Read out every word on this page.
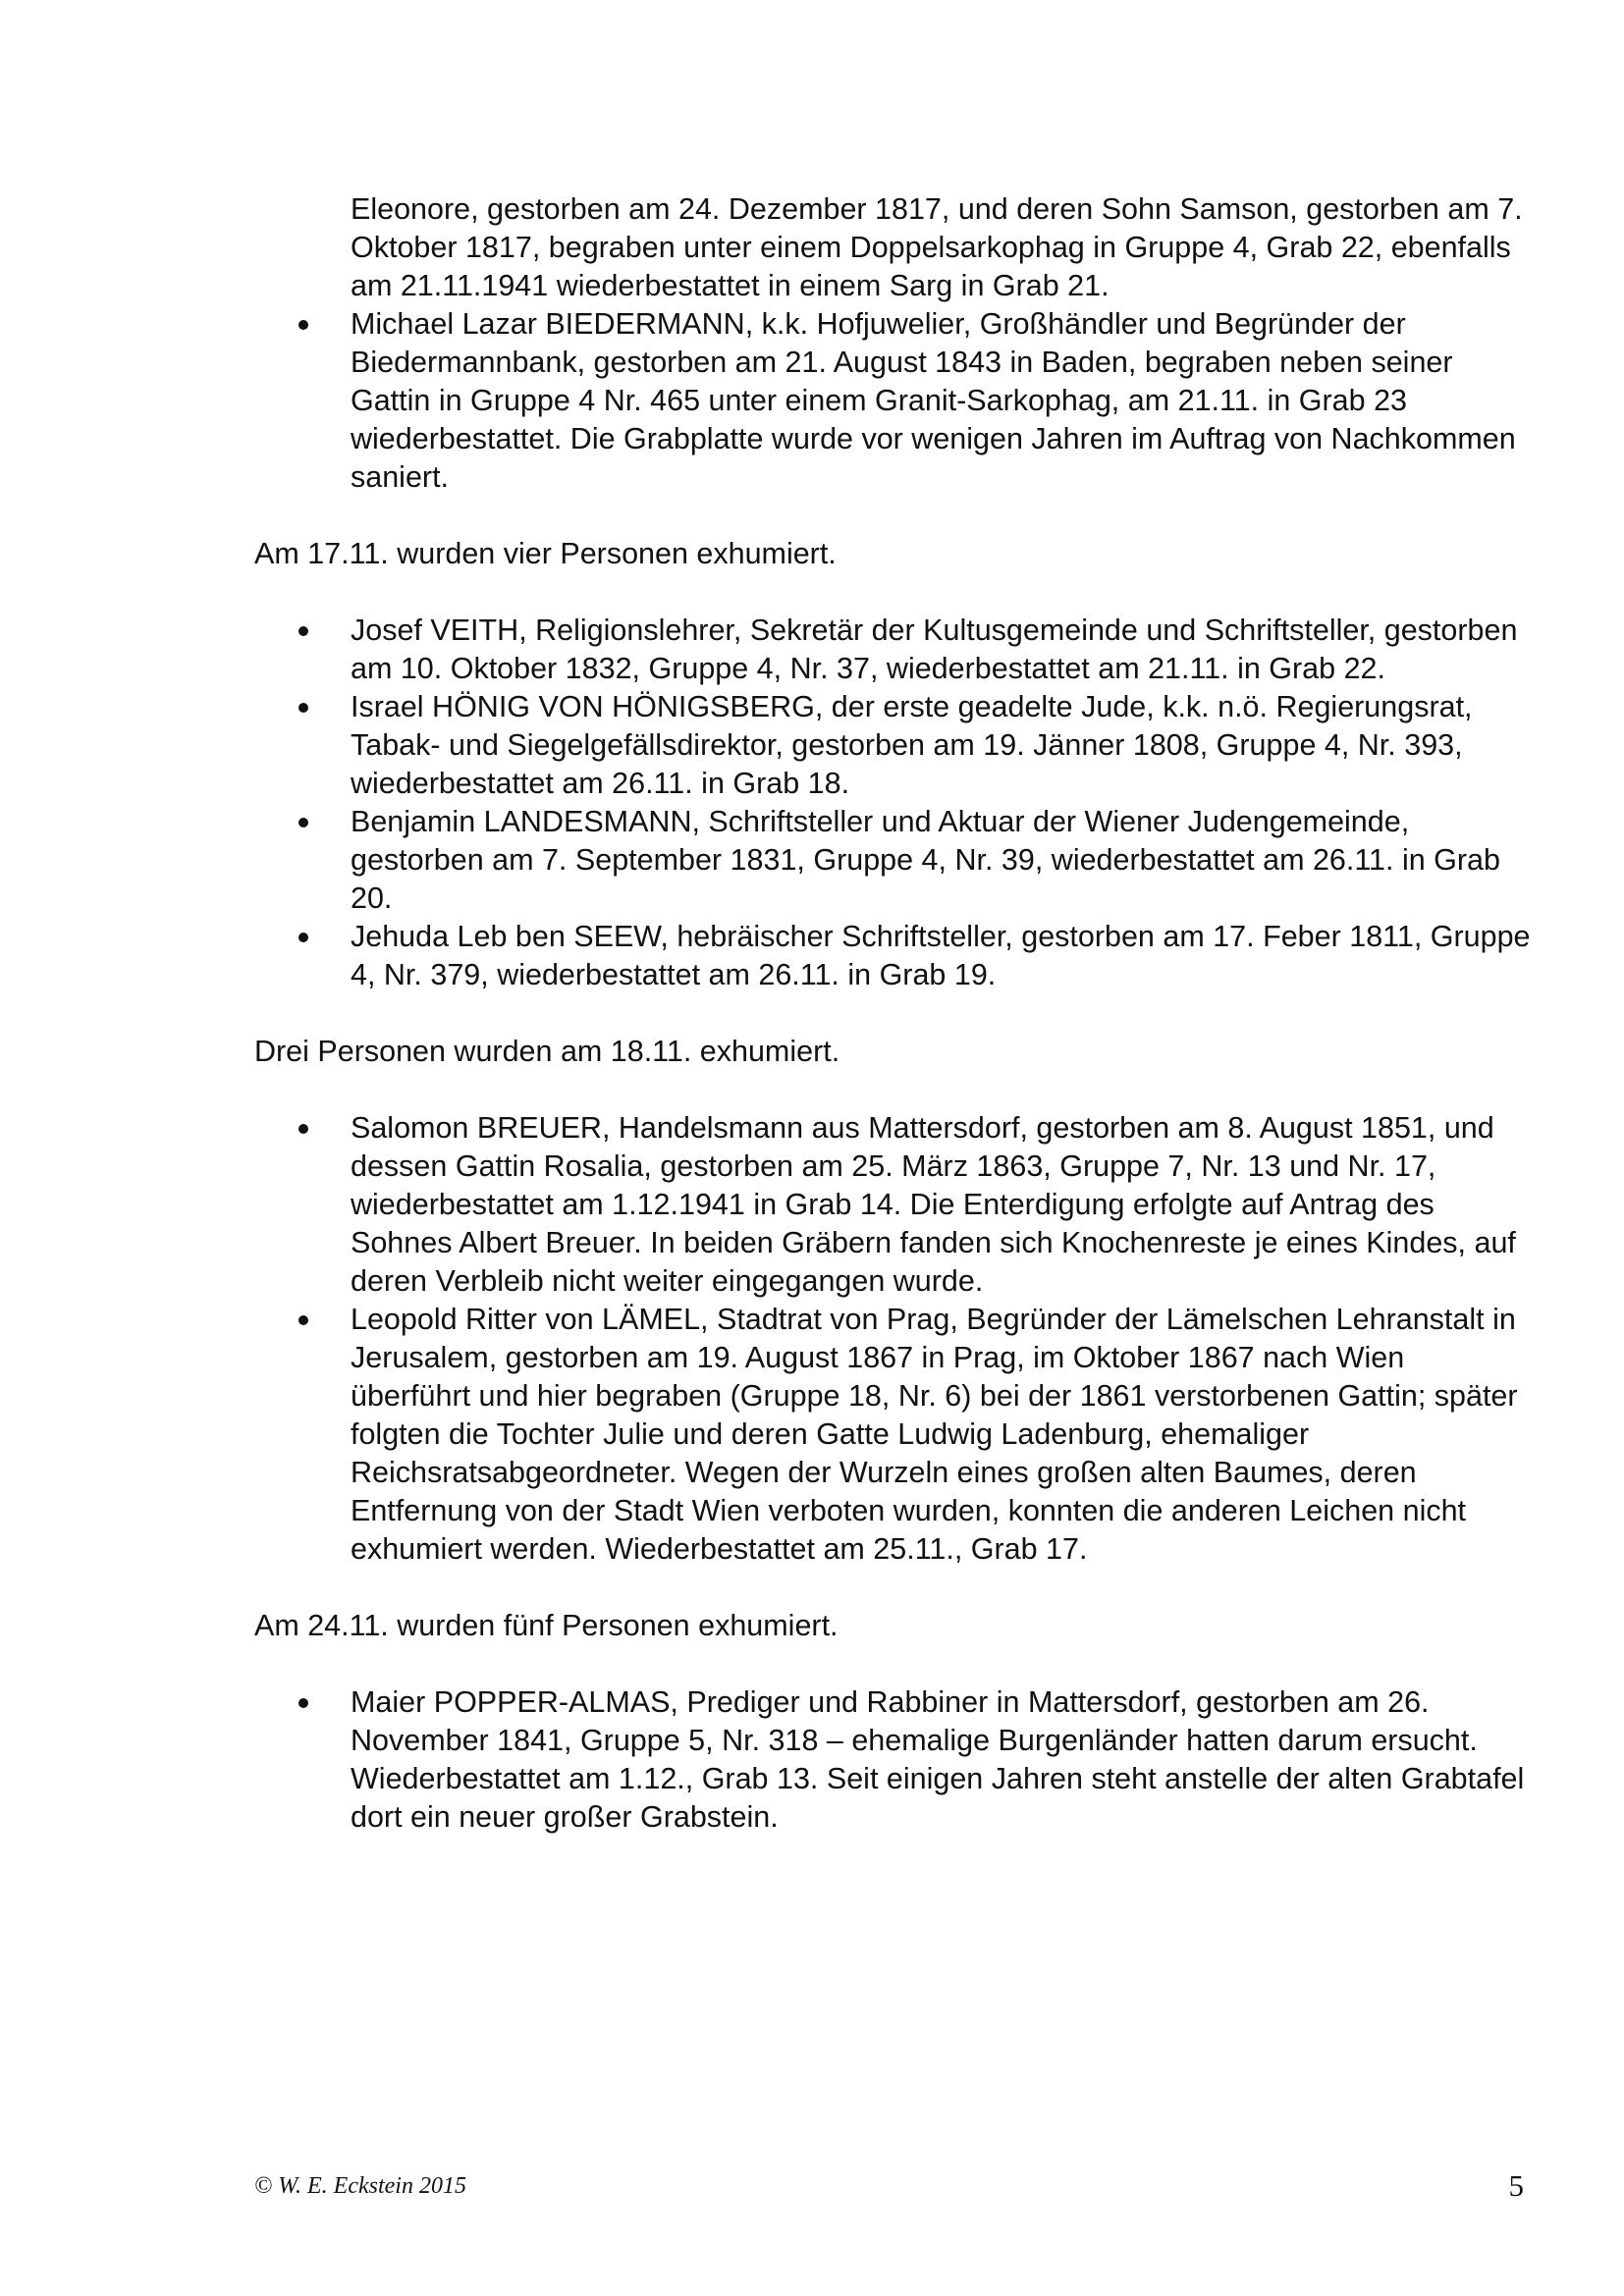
Eleonore, gestorben am 24. Dezember 1817, und deren Sohn Samson, gestorben am 7. Oktober 1817, begraben unter einem Doppelsarkophag in Gruppe 4, Grab 22, ebenfalls am 21.11.1941 wiederbestattet in einem Sarg in Grab 21.
Michael Lazar BIEDERMANN, k.k. Hofjuwelier, Großhändler und Begründer der Biedermannbank, gestorben am 21. August 1843 in Baden, begraben neben seiner Gattin in Gruppe 4 Nr. 465 unter einem Granit-Sarkophag, am 21.11. in Grab 23 wiederbestattet. Die Grabplatte wurde vor wenigen Jahren im Auftrag von Nachkommen saniert.

Am 17.11. wurden vier Personen exhumiert.

Josef VEITH, Religionslehrer, Sekretär der Kultusgemeinde und Schriftsteller, gestorben am 10. Oktober 1832, Gruppe 4, Nr. 37, wiederbestattet am 21.11. in Grab 22.
Israel HÖNIG VON HÖNIGSBERG, der erste geadelte Jude, k.k. n.ö. Regierungsrat, Tabak- und Siegelgefällsdirektor, gestorben am 19. Jänner 1808, Gruppe 4, Nr. 393, wiederbestattet am 26.11. in Grab 18.
Benjamin LANDESMANN, Schriftsteller und Aktuar der Wiener Judengemeinde, gestorben am 7. September 1831, Gruppe 4, Nr. 39, wiederbestattet am 26.11. in Grab 20.
Jehuda Leb ben SEEW, hebräischer Schriftsteller, gestorben am 17. Feber 1811, Gruppe 4, Nr. 379, wiederbestattet am 26.11. in Grab 19.

Drei Personen wurden am 18.11. exhumiert.

Salomon BREUER, Handelsmann aus Mattersdorf, gestorben am 8. August 1851, und dessen Gattin Rosalia, gestorben am 25. März 1863, Gruppe 7, Nr. 13 und Nr. 17, wiederbestattet am 1.12.1941 in Grab 14. Die Enterdigung erfolgte auf Antrag des Sohnes Albert Breuer. In beiden Gräbern fanden sich Knochenreste je eines Kindes, auf deren Verbleib nicht weiter eingegangen wurde.
Leopold Ritter von LÄMEL, Stadtrat von Prag, Begründer der Lämelschen Lehranstalt in Jerusalem, gestorben am 19. August 1867 in Prag, im Oktober 1867 nach Wien überführt und hier begraben (Gruppe 18, Nr. 6) bei der 1861 verstorbenen Gattin; später folgten die Tochter Julie und deren Gatte Ludwig Ladenburg, ehemaliger Reichsratsabgeordneter. Wegen der Wurzeln eines großen alten Baumes, deren Entfernung von der Stadt Wien verboten wurden, konnten die anderen Leichen nicht exhumiert werden. Wiederbestattet am 25.11., Grab 17.

Am 24.11. wurden fünf Personen exhumiert.

Maier POPPER-ALMAS, Prediger und Rabbiner in Mattersdorf, gestorben am 26. November 1841, Gruppe 5, Nr. 318 – ehemalige Burgenländer hatten darum ersucht. Wiederbestattet am 1.12., Grab 13. Seit einigen Jahren steht anstelle der alten Grabtafel dort ein neuer großer Grabstein.
© W. E. Eckstein 2015	5
